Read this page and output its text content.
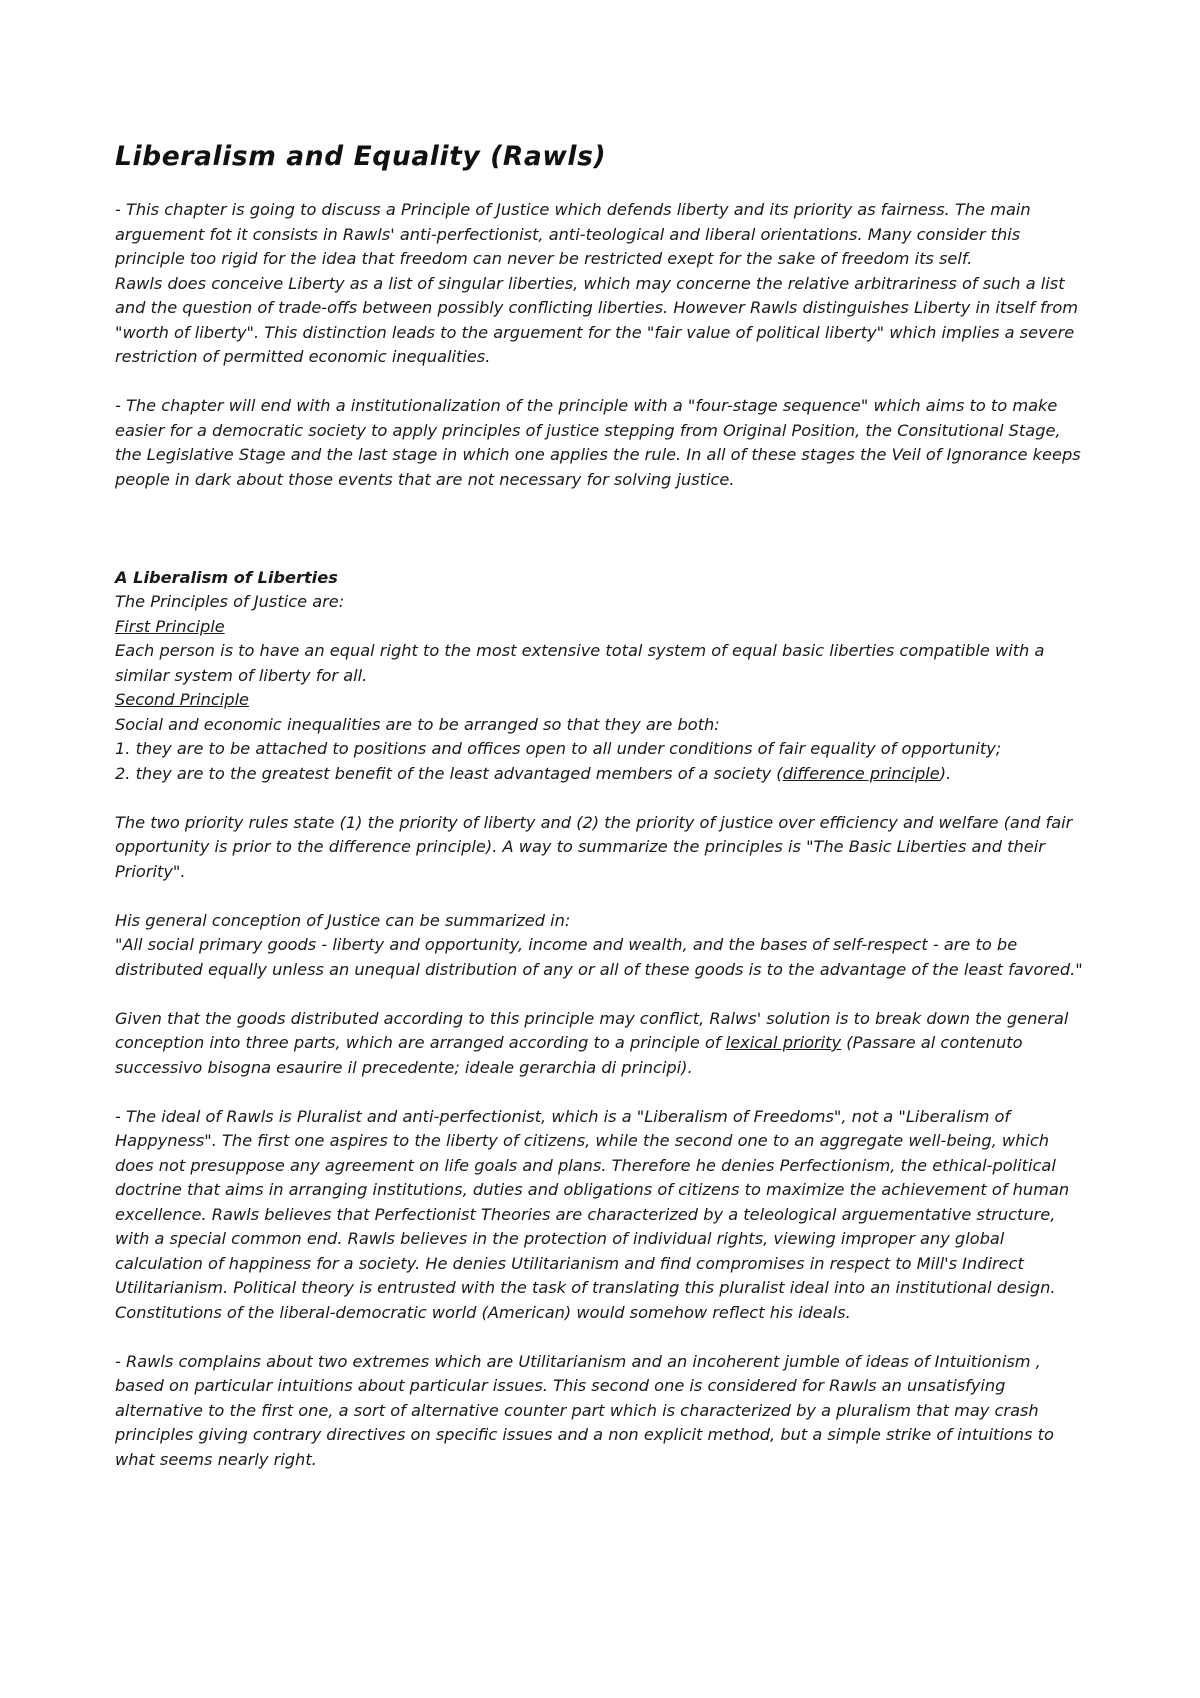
Liberalism and Equality (Rawls)

- This chapter is going to discuss a Principle of Justice which defends liberty and its priority as fairness. The main arguement fot it consists in Rawls' anti-perfectionist, anti-teological and liberal orientations. Many consider this principle too rigid for the idea that freedom can never be restricted exept for the sake of freedom its self.
Rawls does conceive Liberty as a list of singular liberties, which may concerne the relative arbitrariness of such a list and the question of trade-offs between possibly conflicting liberties. However Rawls distinguishes Liberty in itself from "worth of liberty". This distinction leads to the arguement for the "fair value of political liberty" which implies a severe restriction of permitted economic inequalities.

- The chapter will end with a institutionalization of the principle with a "four-stage sequence" which aims to to make easier for a democratic society to apply principles of justice stepping from Original Position, the Consitutional Stage, the Legislative Stage and the last stage in which one applies the rule. In all of these stages the Veil of Ignorance keeps people in dark about those events that are not necessary for solving justice.

A Liberalism of Liberties
The Principles of Justice are:
First Principle
Each person is to have an equal right to the most extensive total system of equal basic liberties compatible with a similar system of liberty for all.
Second Principle
Social and economic inequalities are to be arranged so that they are both:
1. they are to be attached to positions and offices open to all under conditions of fair equality of opportunity;
2. they are to the greatest benefit of the least advantaged members of a society (difference principle).

The two priority rules state (1) the priority of liberty and (2) the priority of justice over efficiency and welfare (and fair opportunity is prior to the difference principle). A way to summarize the principles is "The Basic Liberties and their Priority".

His general conception of Justice can be summarized in:
"All social primary goods - liberty and opportunity, income and wealth, and the bases of self-respect - are to be distributed equally unless an unequal distribution of any or all of these goods is to the advantage of the least favored."

Given that the goods distributed according to this principle may conflict, Ralws' solution is to break down the general conception into three parts, which are arranged according to a principle of lexical priority (Passare al contenuto successivo bisogna esaurire il precedente; ideale gerarchia di principi).

- The ideal of Rawls is Pluralist and anti-perfectionist, which is a "Liberalism of Freedoms", not a "Liberalism of Happyness". The first one aspires to the liberty of citizens, while the second one to an aggregate well-being, which does not presuppose any agreement on life goals and plans. Therefore he denies Perfectionism, the ethical-political doctrine that aims in arranging institutions, duties and obligations of citizens to maximize the achievement of human excellence. Rawls believes that Perfectionist Theories are characterized by a teleological arguementative structure, with a special common end. Rawls believes in the protection of individual rights, viewing improper any global calculation of happiness for a society. He denies Utilitarianism and find compromises in respect to Mill's Indirect Utilitarianism. Political theory is entrusted with the task of translating this pluralist ideal into an institutional design. Constitutions of the liberal-democratic world (American) would somehow reflect his ideals.

- Rawls complains about two extremes which are Utilitarianism and an incoherent jumble of ideas of Intuitionism , based on particular intuitions about particular issues. This second one is considered for Rawls an unsatisfying alternative to the first one, a sort of alternative counter part which is characterized by a pluralism that may crash principles giving contrary directives on specific issues and a non explicit method, but a simple strike of intuitions to what seems nearly right.
